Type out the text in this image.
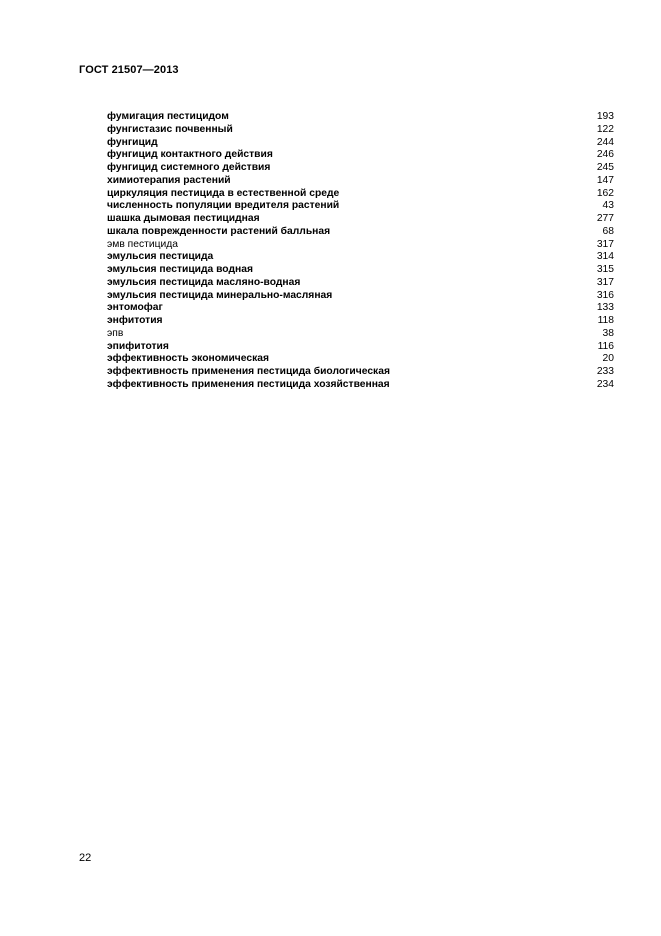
ГОСТ 21507—2013
фумигация пестицидом	193
фунгистазис почвенный	122
фунгицид	244
фунгицид контактного действия	246
фунгицид системного действия	245
химиотерапия растений	147
циркуляция пестицида в естественной среде	162
численность популяции вредителя растений	43
шашка дымовая пестицидная	277
шкала поврежденности растений балльная	68
эмв пестицида	317
эмульсия пестицида	314
эмульсия пестицида водная	315
эмульсия пестицида масляно-водная	317
эмульсия пестицида минерально-масляная	316
энтомофаг	133
энфитотия	118
эпв	38
эпифитотия	116
эффективность экономическая	20
эффективность применения пестицида биологическая	233
эффективность применения пестицида хозяйственная	234
22
